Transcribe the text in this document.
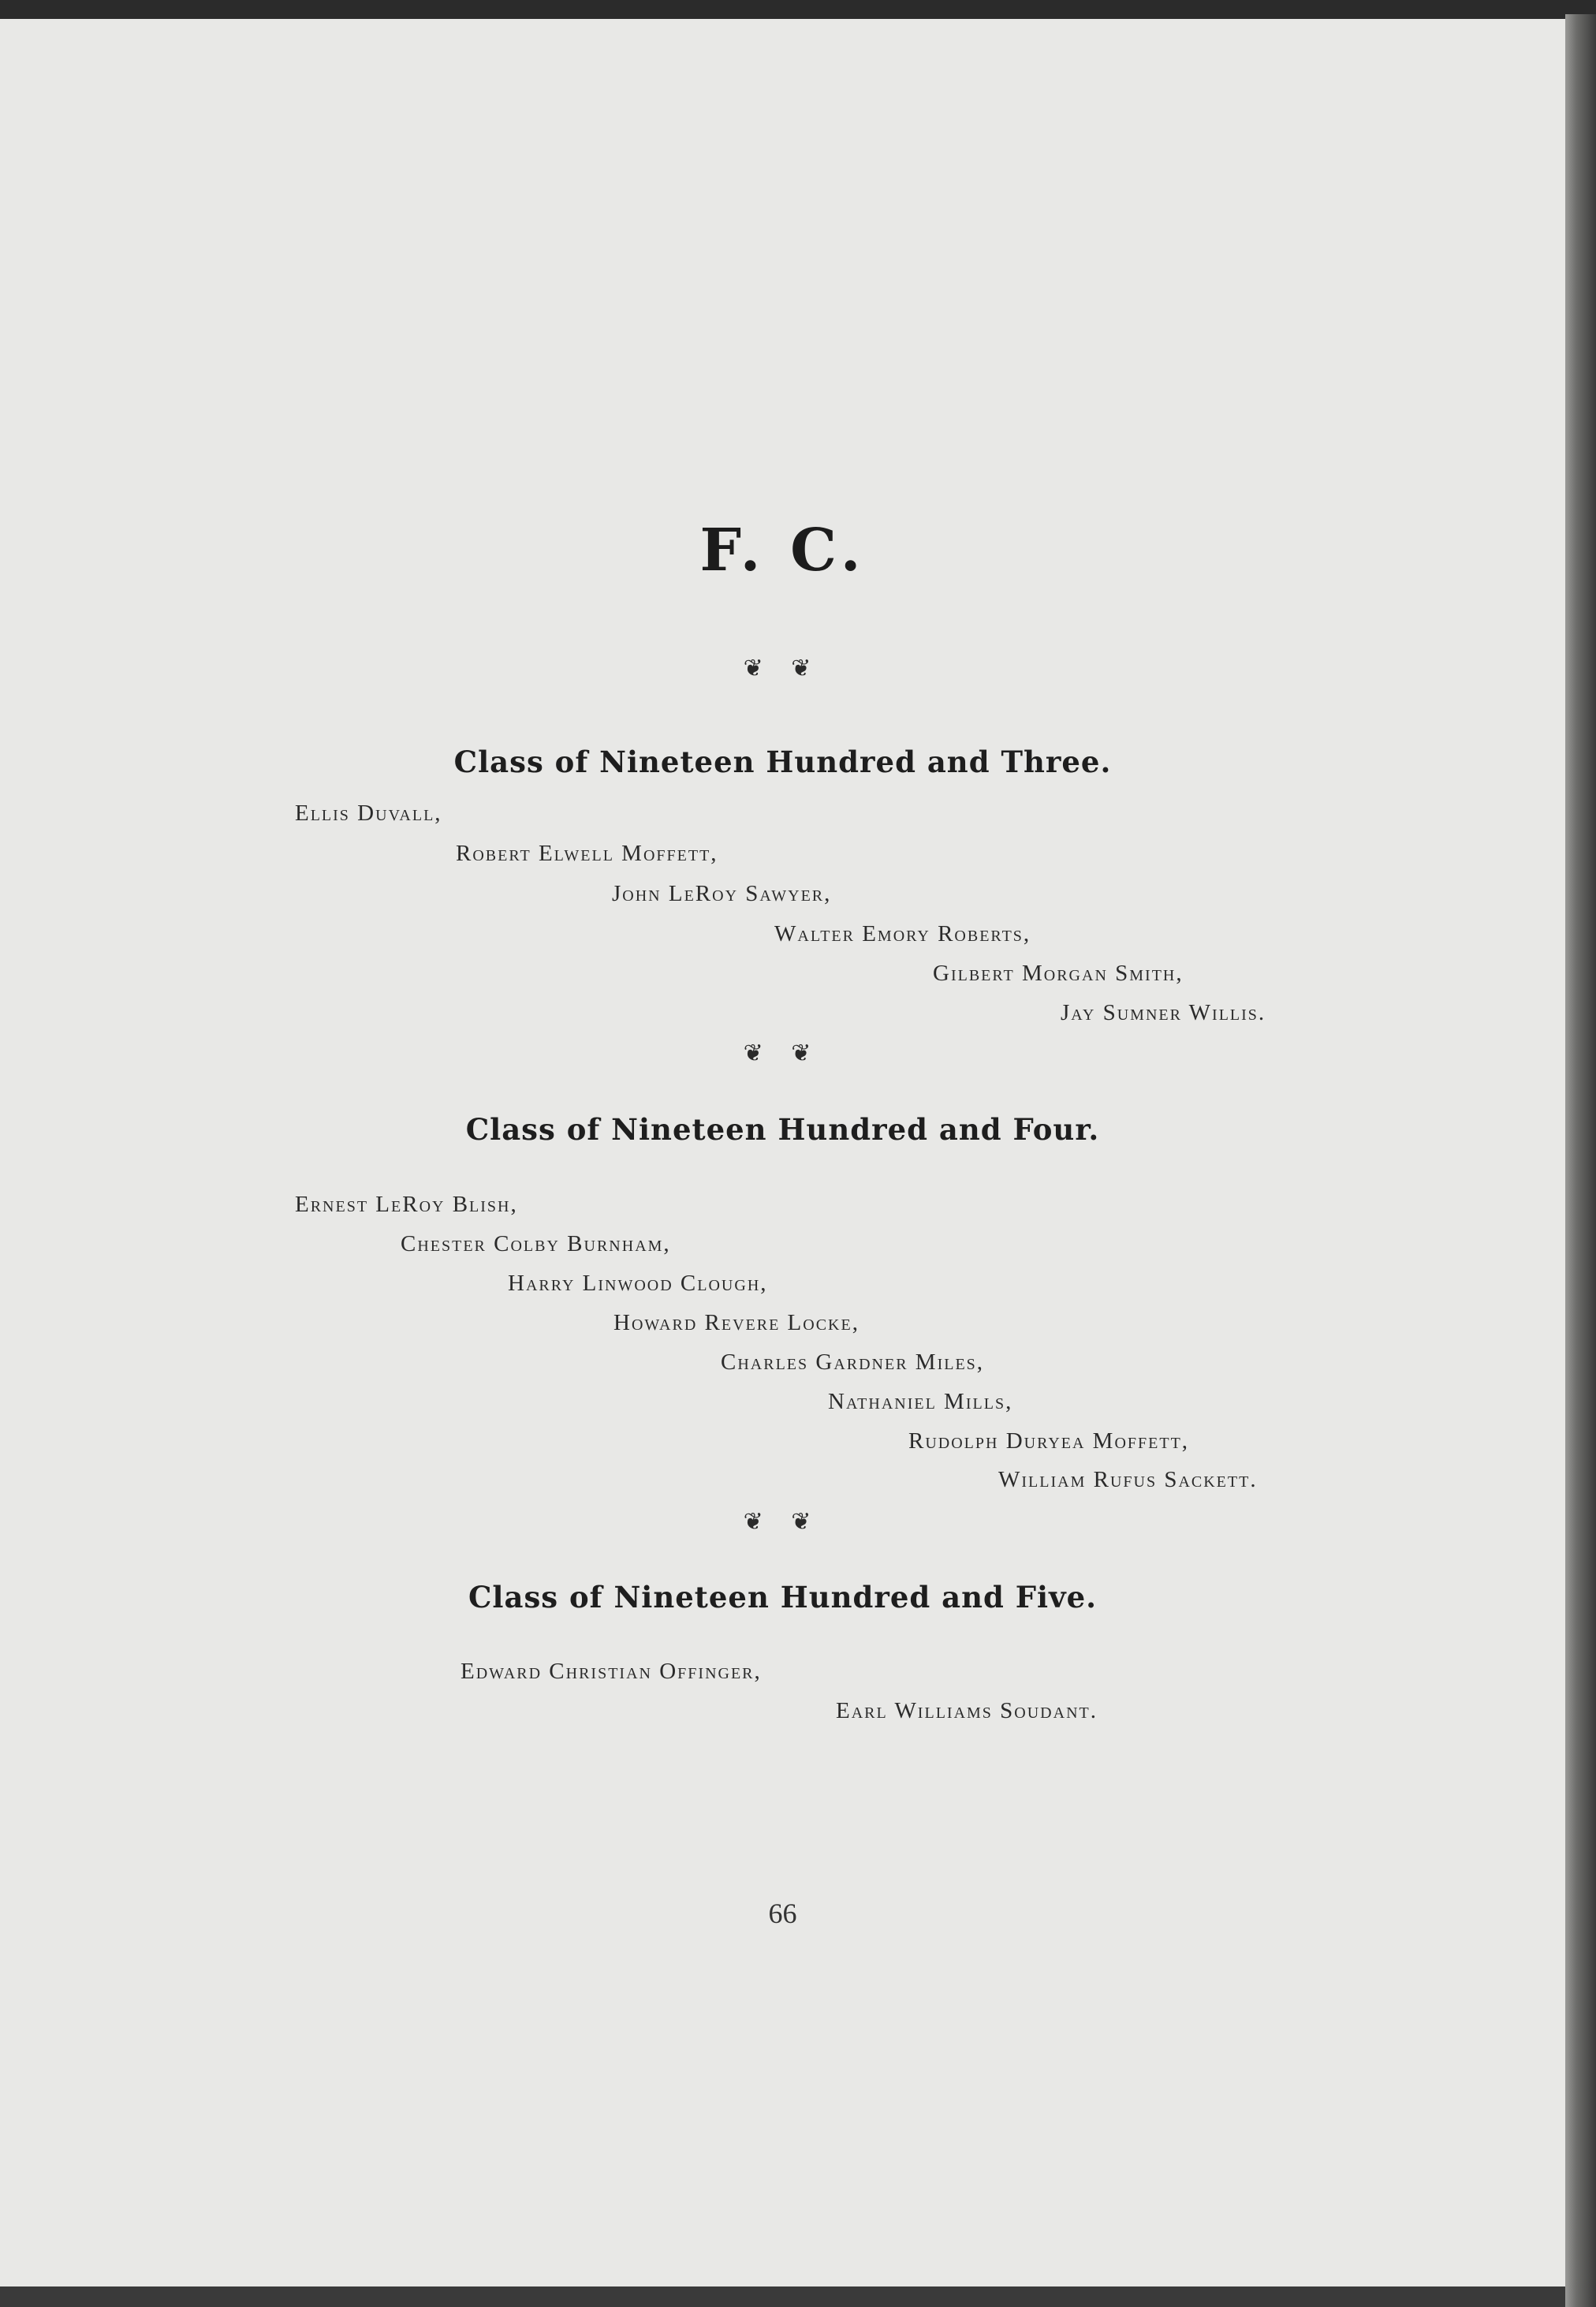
F. C.
❦ ❦
Class of Nineteen Hundred and Three.
Ellis Duvall,
Robert Elwell Moffett,
John LeRoy Sawyer,
Walter Emory Roberts,
Gilbert Morgan Smith,
Jay Sumner Willis.
❦ ❦
Class of Nineteen Hundred and Four.
Ernest LeRoy Blish,
Chester Colby Burnham,
Harry Linwood Clough,
Howard Revere Locke,
Charles Gardner Miles,
Nathaniel Mills,
Rudolph Duryea Moffett,
William Rufus Sackett.
❦ ❦
Class of Nineteen Hundred and Five.
Edward Christian Offinger,
Earl Williams Soudant.
66
